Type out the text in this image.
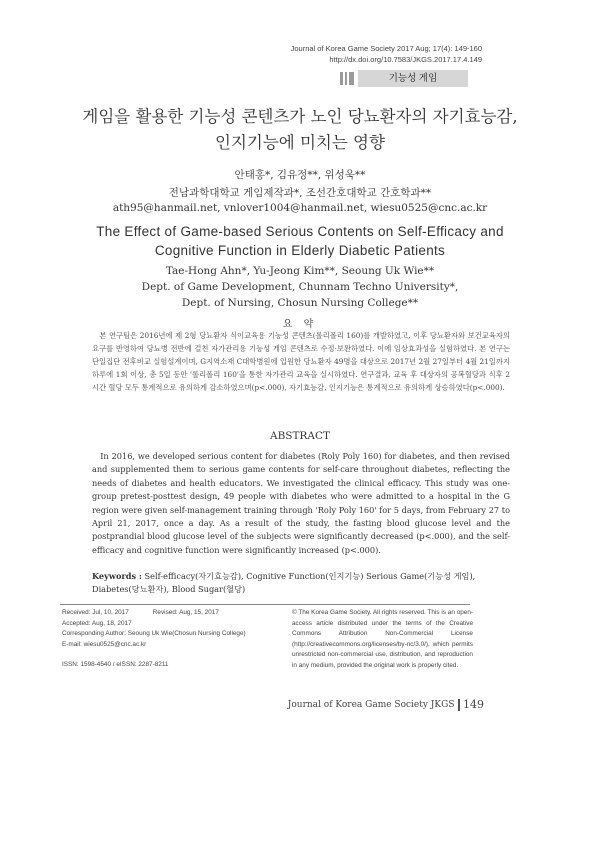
Journal of Korea Game Society 2017 Aug; 17(4): 149-160
http://dx.doi.org/10.7583/JKGS.2017.17.4.149
기능성 게임
게임을 활용한 기능성 콘텐츠가 노인 당뇨환자의 자기효능감,
인지기능에 미치는 영향
안태홍*, 김유정**, 위성욱**
전남과학대학교 게임제작과*, 조선간호대학교 간호학과**
ath95@hanmail.net, vnlover1004@hanmail.net, wiesu0525@cnc.ac.kr
The Effect of Game-based Serious Contents on Self-Efficacy and
Cognitive Function in Elderly Diabetic Patients
Tae-Hong Ahn*, Yu-Jeong Kim**, Seoung Uk Wie**
Dept. of Game Development, Chunnam Techno University*,
Dept. of Nursing, Chosun Nursing College**
요 약

본 연구팀은 2016년에 제 2형 당뇨환자 식이교육용 기능성 콘텐츠(롤리폴리 160)를 개발하였고, 이후 당뇨환자와 보건교육자의 요구를 반영하여 당뇨병 전반에 걸친 자가관리용 기능성 게임 콘텐츠로 수정·보완하였다. 이에 임상효과성을 실험하였다. 본 연구는 단일집단 전후비교 실험설계이며, G지역소재 C대학병원에 입원한 당뇨환자 49명을 대상으로 2017년 2월 27일부터 4월 21일까지 하루에 1회 이상, 총 5일 동안 '롤리폴리 160'을 통한 자가관리 교육을 실시하였다. 연구결과, 교육 후 대상자의 공복혈당과 식후 2시간 혈당 모두 통계적으로 유의하게 감소하였으며(p<.000), 자기효능감, 인지기능은 통계적으로 유의하게 상승하였다(p<.000).

ABSTRACT

In 2016, we developed serious content for diabetes (Roly Poly 160) for diabetes, and then revised and supplemented them to serious game contents for self-care throughout diabetes, reflecting the needs of diabetes and health educators. We investigated the clinical efficacy. This study was one-group pretest-posttest design, 49 people with diabetes who were admitted to a hospital in the G region were given self-management training through 'Roly Poly 160' for 5 days, from February 27 to April 21, 2017, once a day. As a result of the study, the fasting blood glucose level and the postprandial blood glucose level of the subjects were significantly decreased (p<.000), and the self-efficacy and cognitive function were significantly increased (p<.000).

Keywords : Self-efficacy(자기효능감), Cognitive Function(인지기능) Serious Game(기능성 게임), Diabetes(당뇨환자), Blood Sugar(혈당)
Received: Jul, 10, 2017	Revised: Aug, 15, 2017
Accepted: Aug, 18, 2017
Corresponding Author: Seoung Uk Wie(Chosun Nursing College)
E-mail: wiesu0525@cnc.ac.kr
ISSN: 1598-4540 / eISSN: 2287-8211
© The Korea Game Society. All rights reserved. This is an open-access article distributed under the terms of the Creative Commons Attribution Non-Commercial License (http://creativecommons.org/licenses/by-nc/3.0/), which permits unrestricted non-commercial use, distribution, and reproduction in any medium, provided the original work is properly cited.
Journal of Korea Game Society JKGS 149
